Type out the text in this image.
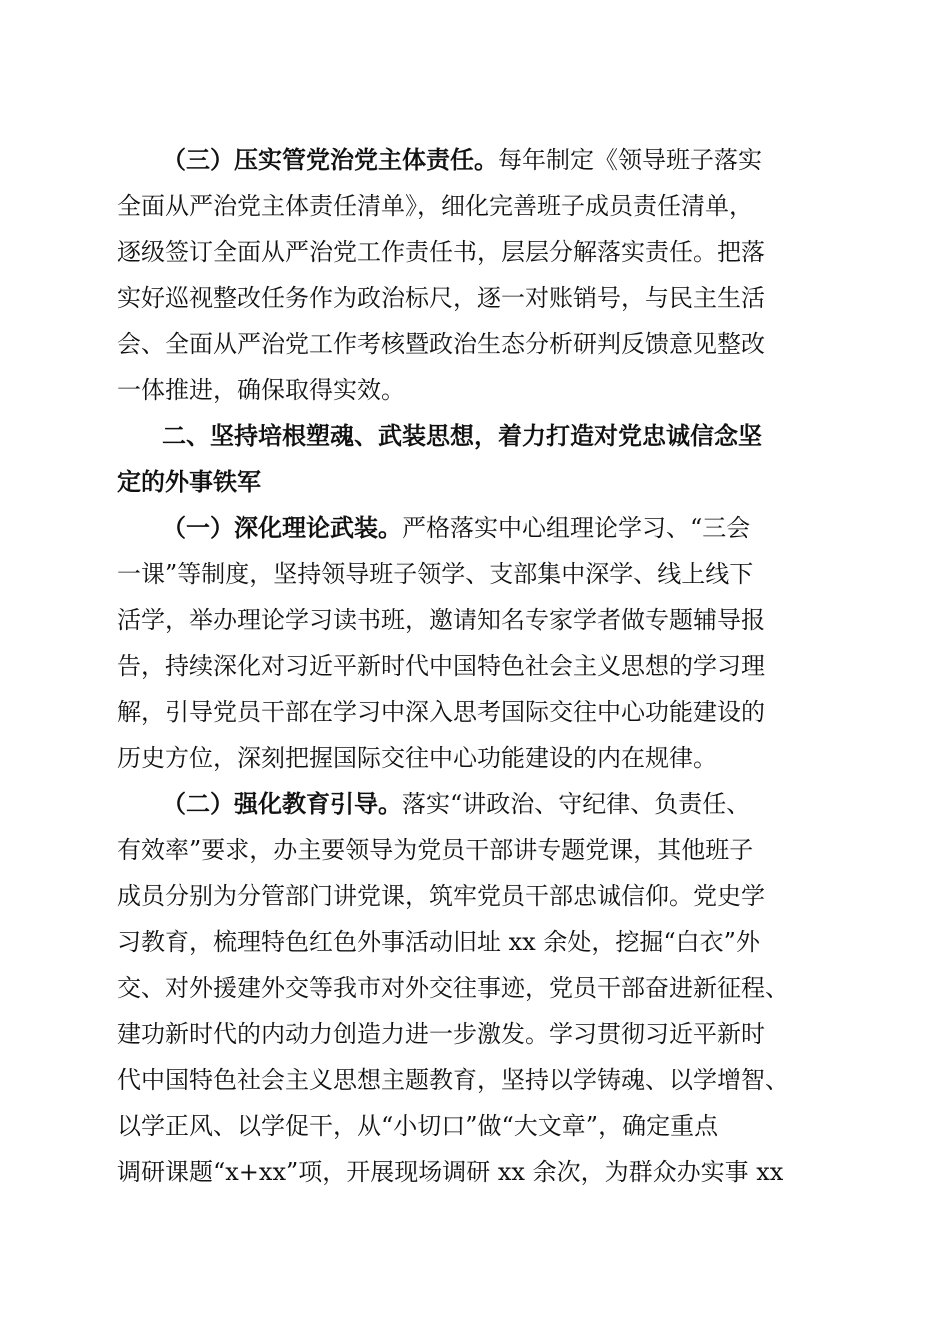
（三）压实管党治党主体责任。每年制定《领导班子落实
全面从严治党主体责任清单》，细化完善班子成员责任清单，
逐级签订全面从严治党工作责任书，层层分解落实责任。把落
实好巡视整改任务作为政治标尺，逐一对账销号，与民主生活
会、全面从严治党工作考核暨政治生态分析研判反馈意见整改
一体推进，确保取得实效。
二、坚持培根塑魂、武装思想，着力打造对党忠诚信念坚
定的外事铁军
（一）深化理论武装。严格落实中心组理论学习、“三会
一课”等制度，坚持领导班子领学、支部集中深学、线上线下
活学，举办理论学习读书班，邀请知名专家学者做专题辅导报
告，持续深化对习近平新时代中国特色社会主义思想的学习理
解，引导党员干部在学习中深入思考国际交往中心功能建设的
历史方位，深刻把握国际交往中心功能建设的内在规律。
（二）强化教育引导。落实“讲政治、守纪律、负责任、
有效率”要求，办主要领导为党员干部讲专题党课，其他班子
成员分别为分管部门讲党课，筑牢党员干部忠诚信仰。党史学
习教育，梳理特色红色外事活动旧址 xx 余处，挖掘“白衣”外
交、对外援建外交等我市对外交往事迹，党员干部奋进新征程、
建功新时代的内动力创造力进一步激发。学习贯彻习近平新时
代中国特色社会主义思想主题教育，坚持以学铸魂、以学增智、
以学正风、以学促干，从“小切口”做“大文章”，确定重点
调研课题“x+xx”项，开展现场调研 xx 余次，为群众办实事 xx
